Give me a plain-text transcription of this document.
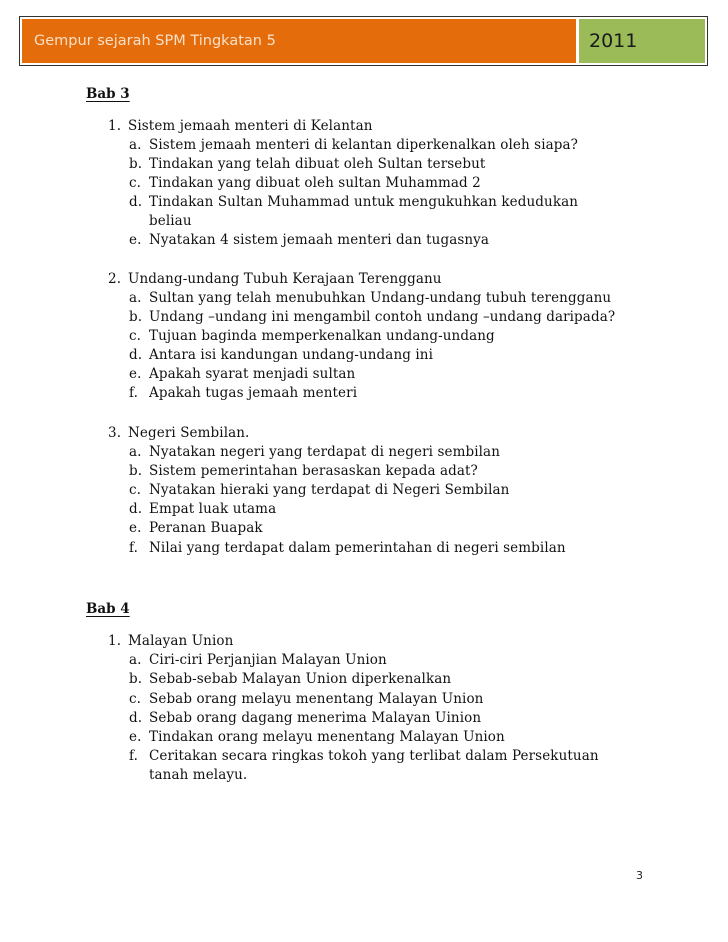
Gempur sejarah SPM Tingkatan 5	2011
Bab 3
1. Sistem jemaah menteri di Kelantan
a. Sistem jemaah menteri di kelantan diperkenalkan oleh siapa?
b. Tindakan yang telah dibuat oleh Sultan tersebut
c. Tindakan yang dibuat oleh sultan Muhammad 2
d. Tindakan Sultan Muhammad untuk mengukuhkan kedudukan
beliau
e. Nyatakan 4 sistem jemaah menteri dan tugasnya
2. Undang-undang Tubuh Kerajaan Terengganu
a. Sultan yang telah menubuhkan Undang-undang tubuh terengganu
b. Undang –undang ini mengambil contoh undang –undang daripada?
c. Tujuan baginda memperkenalkan undang-undang
d. Antara isi kandungan undang-undang ini
e. Apakah syarat menjadi sultan
f. Apakah tugas jemaah menteri
3. Negeri Sembilan.
a. Nyatakan negeri yang terdapat di negeri sembilan
b. Sistem pemerintahan berasaskan kepada adat?
c. Nyatakan hieraki yang terdapat di Negeri Sembilan
d. Empat luak utama
e. Peranan Buapak
f. Nilai yang terdapat dalam pemerintahan di negeri sembilan
Bab 4
1. Malayan Union
a. Ciri-ciri Perjanjian Malayan Union
b. Sebab-sebab Malayan Union diperkenalkan
c. Sebab orang melayu menentang Malayan Union
d. Sebab orang dagang menerima Malayan Uinion
e. Tindakan orang melayu menentang Malayan Union
f. Ceritakan secara ringkas tokoh yang terlibat dalam Persekutuan
tanah melayu.
3
